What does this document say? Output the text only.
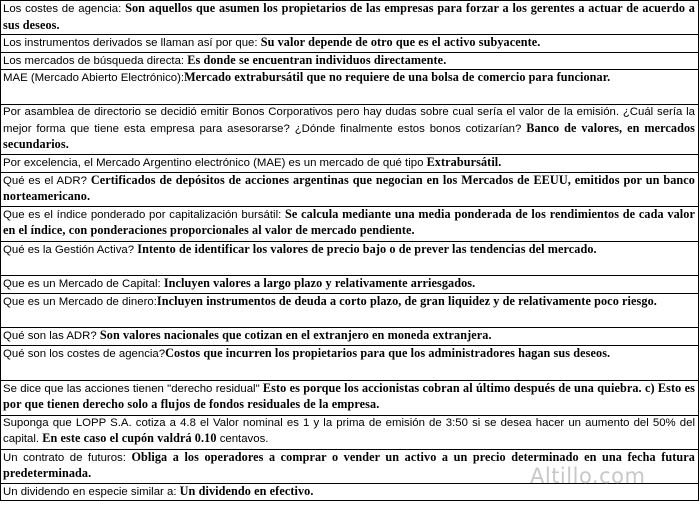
Los costes de agencia: Son aquellos que asumen los propietarios de las empresas para forzar a los gerentes a actuar de acuerdo a sus deseos.
Los instrumentos derivados se llaman así por que: Su valor depende de otro que es el activo subyacente.
Los mercados de búsqueda directa: Es donde se encuentran individuos directamente.
MAE (Mercado Abierto Electrónico):Mercado extrabursátil que no requiere de una bolsa de comercio para funcionar.
Por asamblea de directorio se decidió emitir Bonos Corporativos pero hay dudas sobre cual sería el valor de la emisión. ¿Cuál sería la mejor forma que tiene esta empresa para asesorarse? ¿Dónde finalmente estos bonos cotizarían? Banco de valores, en mercados secundarios.
Por excelencia, el Mercado Argentino electrónico (MAE) es un mercado de qué tipo Extrabursátil.
Qué es el ADR? Certificados de depósitos de acciones argentinas que negocian en los Mercados de EEUU, emitidos por un banco norteamericano.
Que es el índice ponderado por capitalización bursátil: Se calcula mediante una media ponderada de los rendimientos de cada valor en el índice, con ponderaciones proporcionales al valor de mercado pendiente.
Qué es la Gestión Activa? Intento de identificar los valores de precio bajo o de prever las tendencias del mercado.
Que es un Mercado de Capital: Incluyen valores a largo plazo y relativamente arriesgados.
Que es un Mercado de dinero:Incluyen instrumentos de deuda a corto plazo, de gran liquidez y de relativamente poco riesgo.
Qué son las ADR? Son valores nacionales que cotizan en el extranjero en moneda extranjera.
Qué son los costes de agencia?Costos que incurren los propietarios para que los administradores hagan sus deseos.
Se dice que las acciones tienen "derecho residual" Esto es porque los accionistas cobran al último después de una quiebra. c) Esto es por que tienen derecho solo a flujos de fondos residuales de la empresa.
Suponga que LOPP S.A. cotiza a 4.8 el Valor nominal es 1 y la prima de emisión de 3:50 si se desea hacer un aumento del 50% del capital. En este caso el cupón valdrá 0.10 centavos.
Un contrato de futuros: Obliga a los operadores a comprar o vender un activo a un precio determinado en una fecha futura predeterminada.
Un dividendo en especie similar a: Un dividendo en efectivo.
Altillo.com
